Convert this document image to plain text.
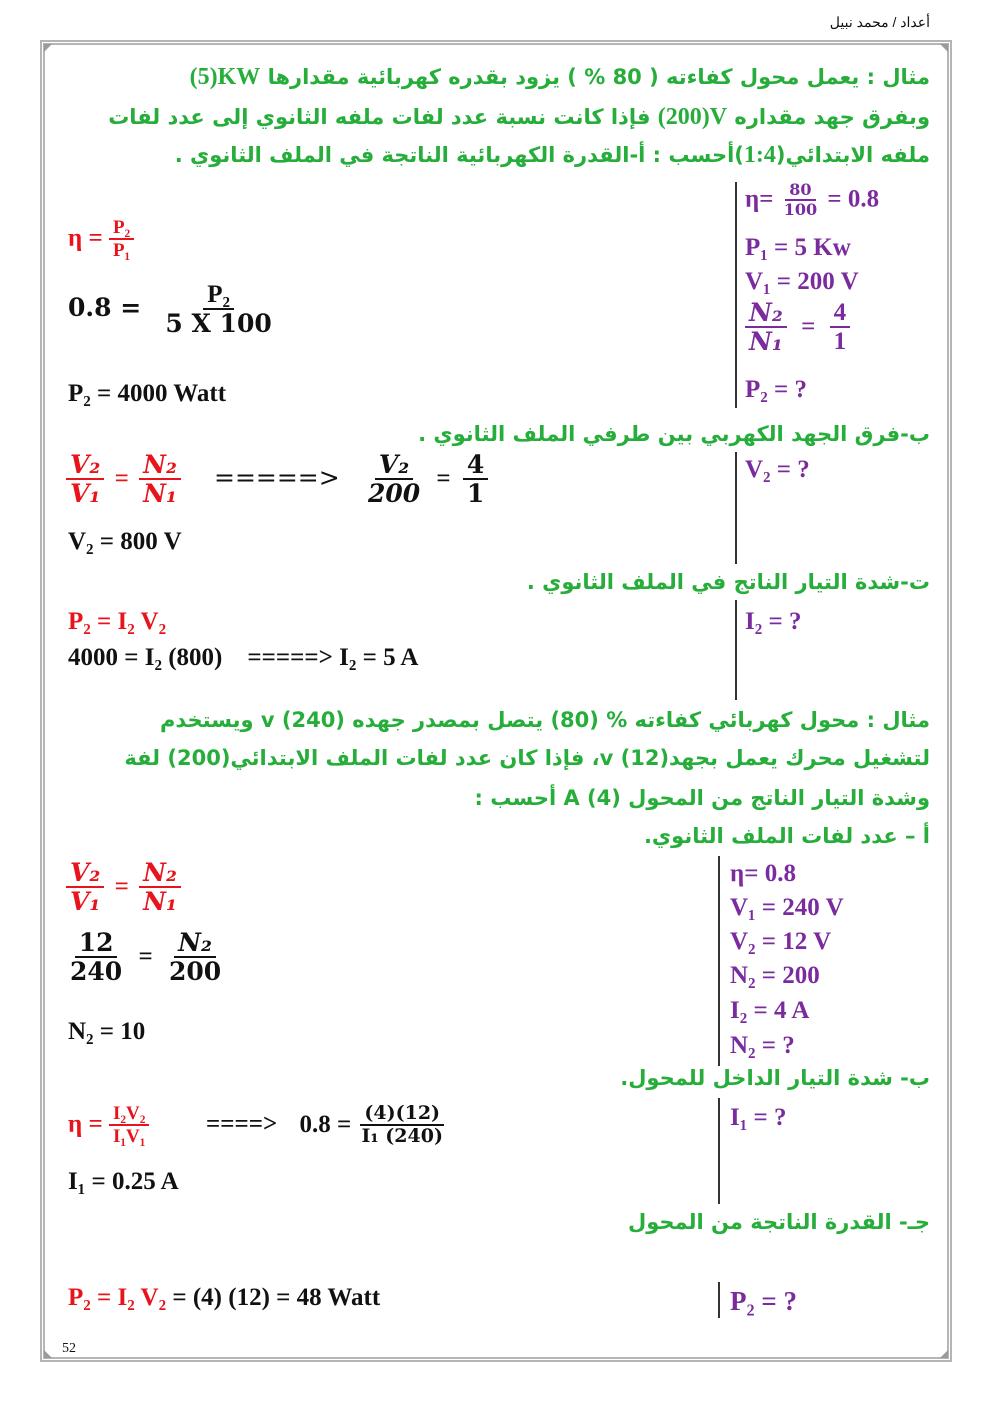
أعداد / محمد نبيل
52
مثال : يعمل محول كفاءته ( 80 % ) يزود بقدره كهربائية مقدارها (5)KW
وبفرق جهد مقداره (200)V فإذا كانت نسبة عدد لفات ملفه الثانوي إلى عدد لفات
ملفه الابتدائي(1:4)أحسب : أ-القدرة الكهربائية الناتجة في الملف الثانوي .
$\eta= \frac{80}{100} = 0.8$
P₁ = 5 Kw
V₁ = 200 V
$\frac{\text{N₂}}{\text{N₁}} = \frac{4}{1}$
P₂ = ?
$\eta = \frac{\text{P₂}}{\text{P₁}}$
$0.8 = \frac{\text{P₂}}{5 X 100}$
P₂ = 4000 Watt
ب-فرق الجهد الكهربي بين طرفي الملف الثانوي .
V₂ = ?
$\frac{\text{V₂}}{\text{V₁}} = \frac{\text{N₂}}{\text{N₁}}$ =====> $\frac{\text{V₂}}{200} = \frac{4}{1}$
V₂ = 800 V
ت-شدة التيار الناتج في الملف الثانوي .
I₂ = ?
P₂ = I₂ V₂
4000 = I₂ (800)    =====> I₂ = 5 A
مثال : محول كهربائي كفاءته % (80) يتصل بمصدر جهده v (240) ويستخدم
لتشغيل محرك يعمل بجهدv (12)، فإذا كان عدد لفات الملف الابتدائي(200) لفة
وشدة التيار الناتج من المحول A (4) أحسب :
أ – عدد لفات الملف الثانوي.
η= 0.8
V₁ = 240 V
V₂ = 12 V
N₂ = 200
I₂ = 4 A
N₂ = ?
$\frac{\text{V₂}}{\text{V₁}} = \frac{\text{N₂}}{\text{N₁}}$
$\frac{12}{240} = \frac{\text{N₂}}{200}$
N₂ = 10
ب- شدة التيار الداخل للمحول.
I₁ = ?
$\eta = \frac{\text{I₂V₂}}{\text{I₁V₁}}$ ====> $0.8 = \frac{(4)(12)}{\text{I₁ (240)}}$
I₁ = 0.25 A
جـ- القدرة الناتجة من المحول
P₂ = ?
P₂ = I₂ V₂ = (4) (12) = 48 Watt
